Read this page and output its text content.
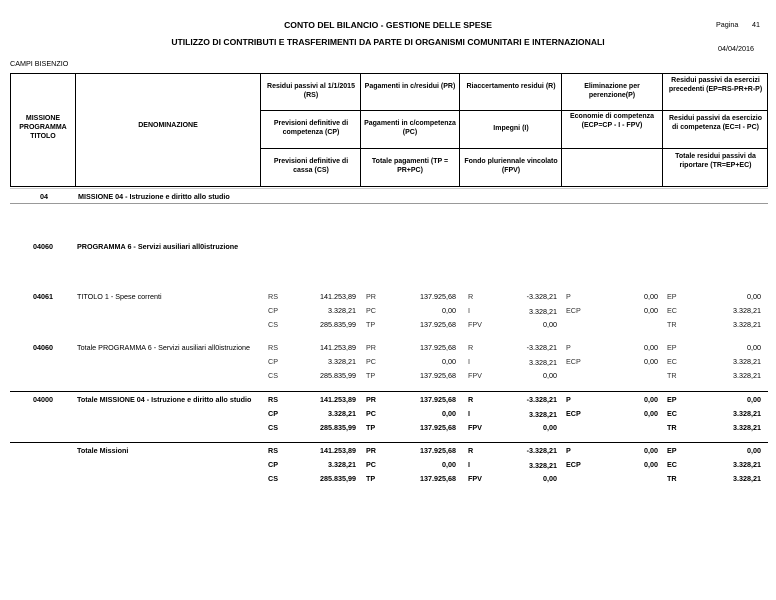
CONTO DEL BILANCIO - GESTIONE DELLE SPESE
UTILIZZO DI CONTRIBUTI E TRASFERIMENTI DA PARTE DI ORGANISMI COMUNITARI E INTERNAZIONALI
Pagina 41
04/04/2016
CAMPI BISENZIO
MISSIONE PROGRAMMA TITOLO
DENOMINAZIONE
Residui passivi al 1/1/2015 (RS)
Previsioni definitive di competenza (CP)
Previsioni definitive di cassa (CS)
Pagamenti in c/residui (PR)
Pagamenti in c/competenza (PC)
Totale pagamenti (TP = PR+PC)
Riaccertamento residui (R)
Impegni (I)
Fondo pluriennale vincolato (FPV)
Eliminazione per perenzione(P)
Economie di competenza (ECP=CP - I - FPV)
Residui passivi da esercizi precedenti (EP=RS-PR+R-P)
Residui passivi da esercizio di competenza (EC=I - PC)
Totale residui passivi da riportare (TR=EP+EC)
04	MISSIONE 04 - Istruzione e diritto allo studio
04060	PROGRAMMA 6 - Servizi ausiliari all0istruzione
04061	TITOLO 1 - Spese correnti	RS	141.253,89 PR	137.925,68 R	-3.328,21 P	0,00 EP	0,00
CP	3.328,21 PC	0,00 I	3.328,21 ECP	0,00 EC	3.328,21
CS	285.835,99 TP	137.925,68 FPV	0,00	TR	3.328,21
04060	Totale PROGRAMMA 6 - Servizi ausiliari all0istruzione	RS	141.253,89 PR	137.925,68 R	-3.328,21 P	0,00 EP	0,00
CP	3.328,21 PC	0,00 I	3.328,21 ECP	0,00 EC	3.328,21
CS	285.835,99 TP	137.925,68 FPV	0,00	TR	3.328,21
04000	Totale MISSIONE 04 - Istruzione e diritto allo studio	RS	141.253,89 PR	137.925,68 R	-3.328,21 P	0,00 EP	0,00
CP	3.328,21 PC	0,00 I	3.328,21 ECP	0,00 EC	3.328,21
CS	285.835,99 TP	137.925,68 FPV	0,00	TR	3.328,21
Totale Missioni	RS	141.253,89 PR	137.925,68 R	-3.328,21 P	0,00 EP	0,00
CP	3.328,21 PC	0,00 I	3.328,21 ECP	0,00 EC	3.328,21
CS	285.835,99 TP	137.925,68 FPV	0,00	TR	3.328,21
